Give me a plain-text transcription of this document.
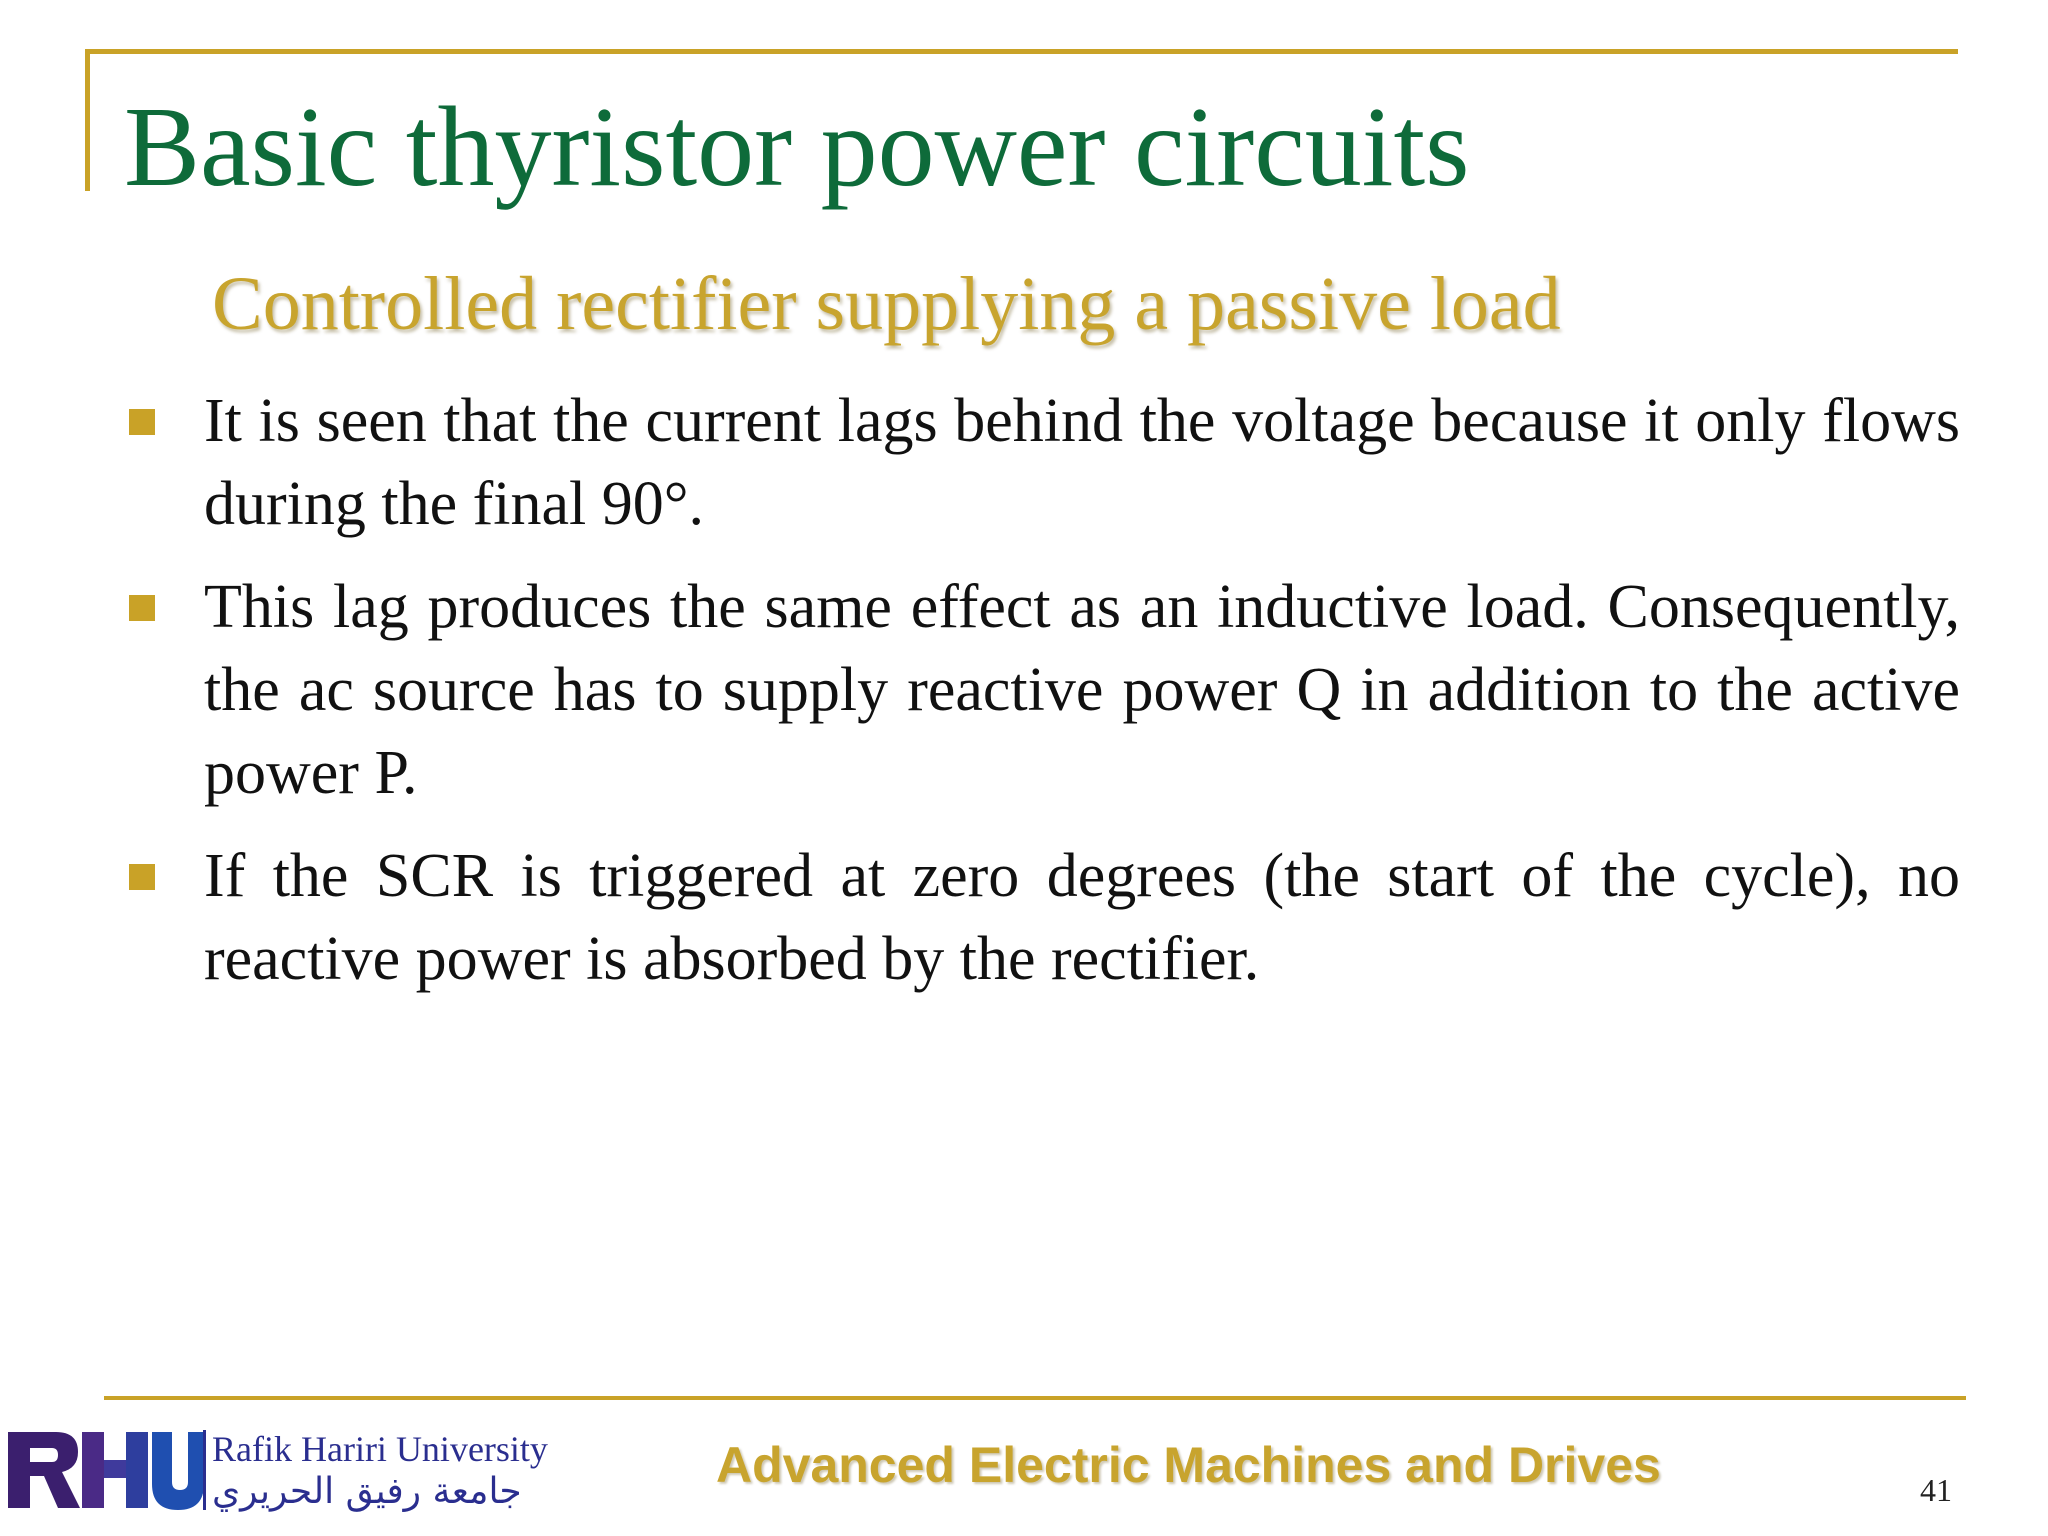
Basic thyristor power circuits
Controlled rectifier supplying a passive load
It is seen that the current lags behind the voltage because it only flows during the final 90°.
This lag produces the same effect as an inductive load. Consequently, the ac source has to supply reactive power Q in addition to the active power P.
If the SCR is triggered at zero degrees (the start of the cycle), no reactive power is absorbed by the rectifier.
Rafik Hariri University
جامعة رفيق الحريري	Advanced Electric Machines and Drives	41
